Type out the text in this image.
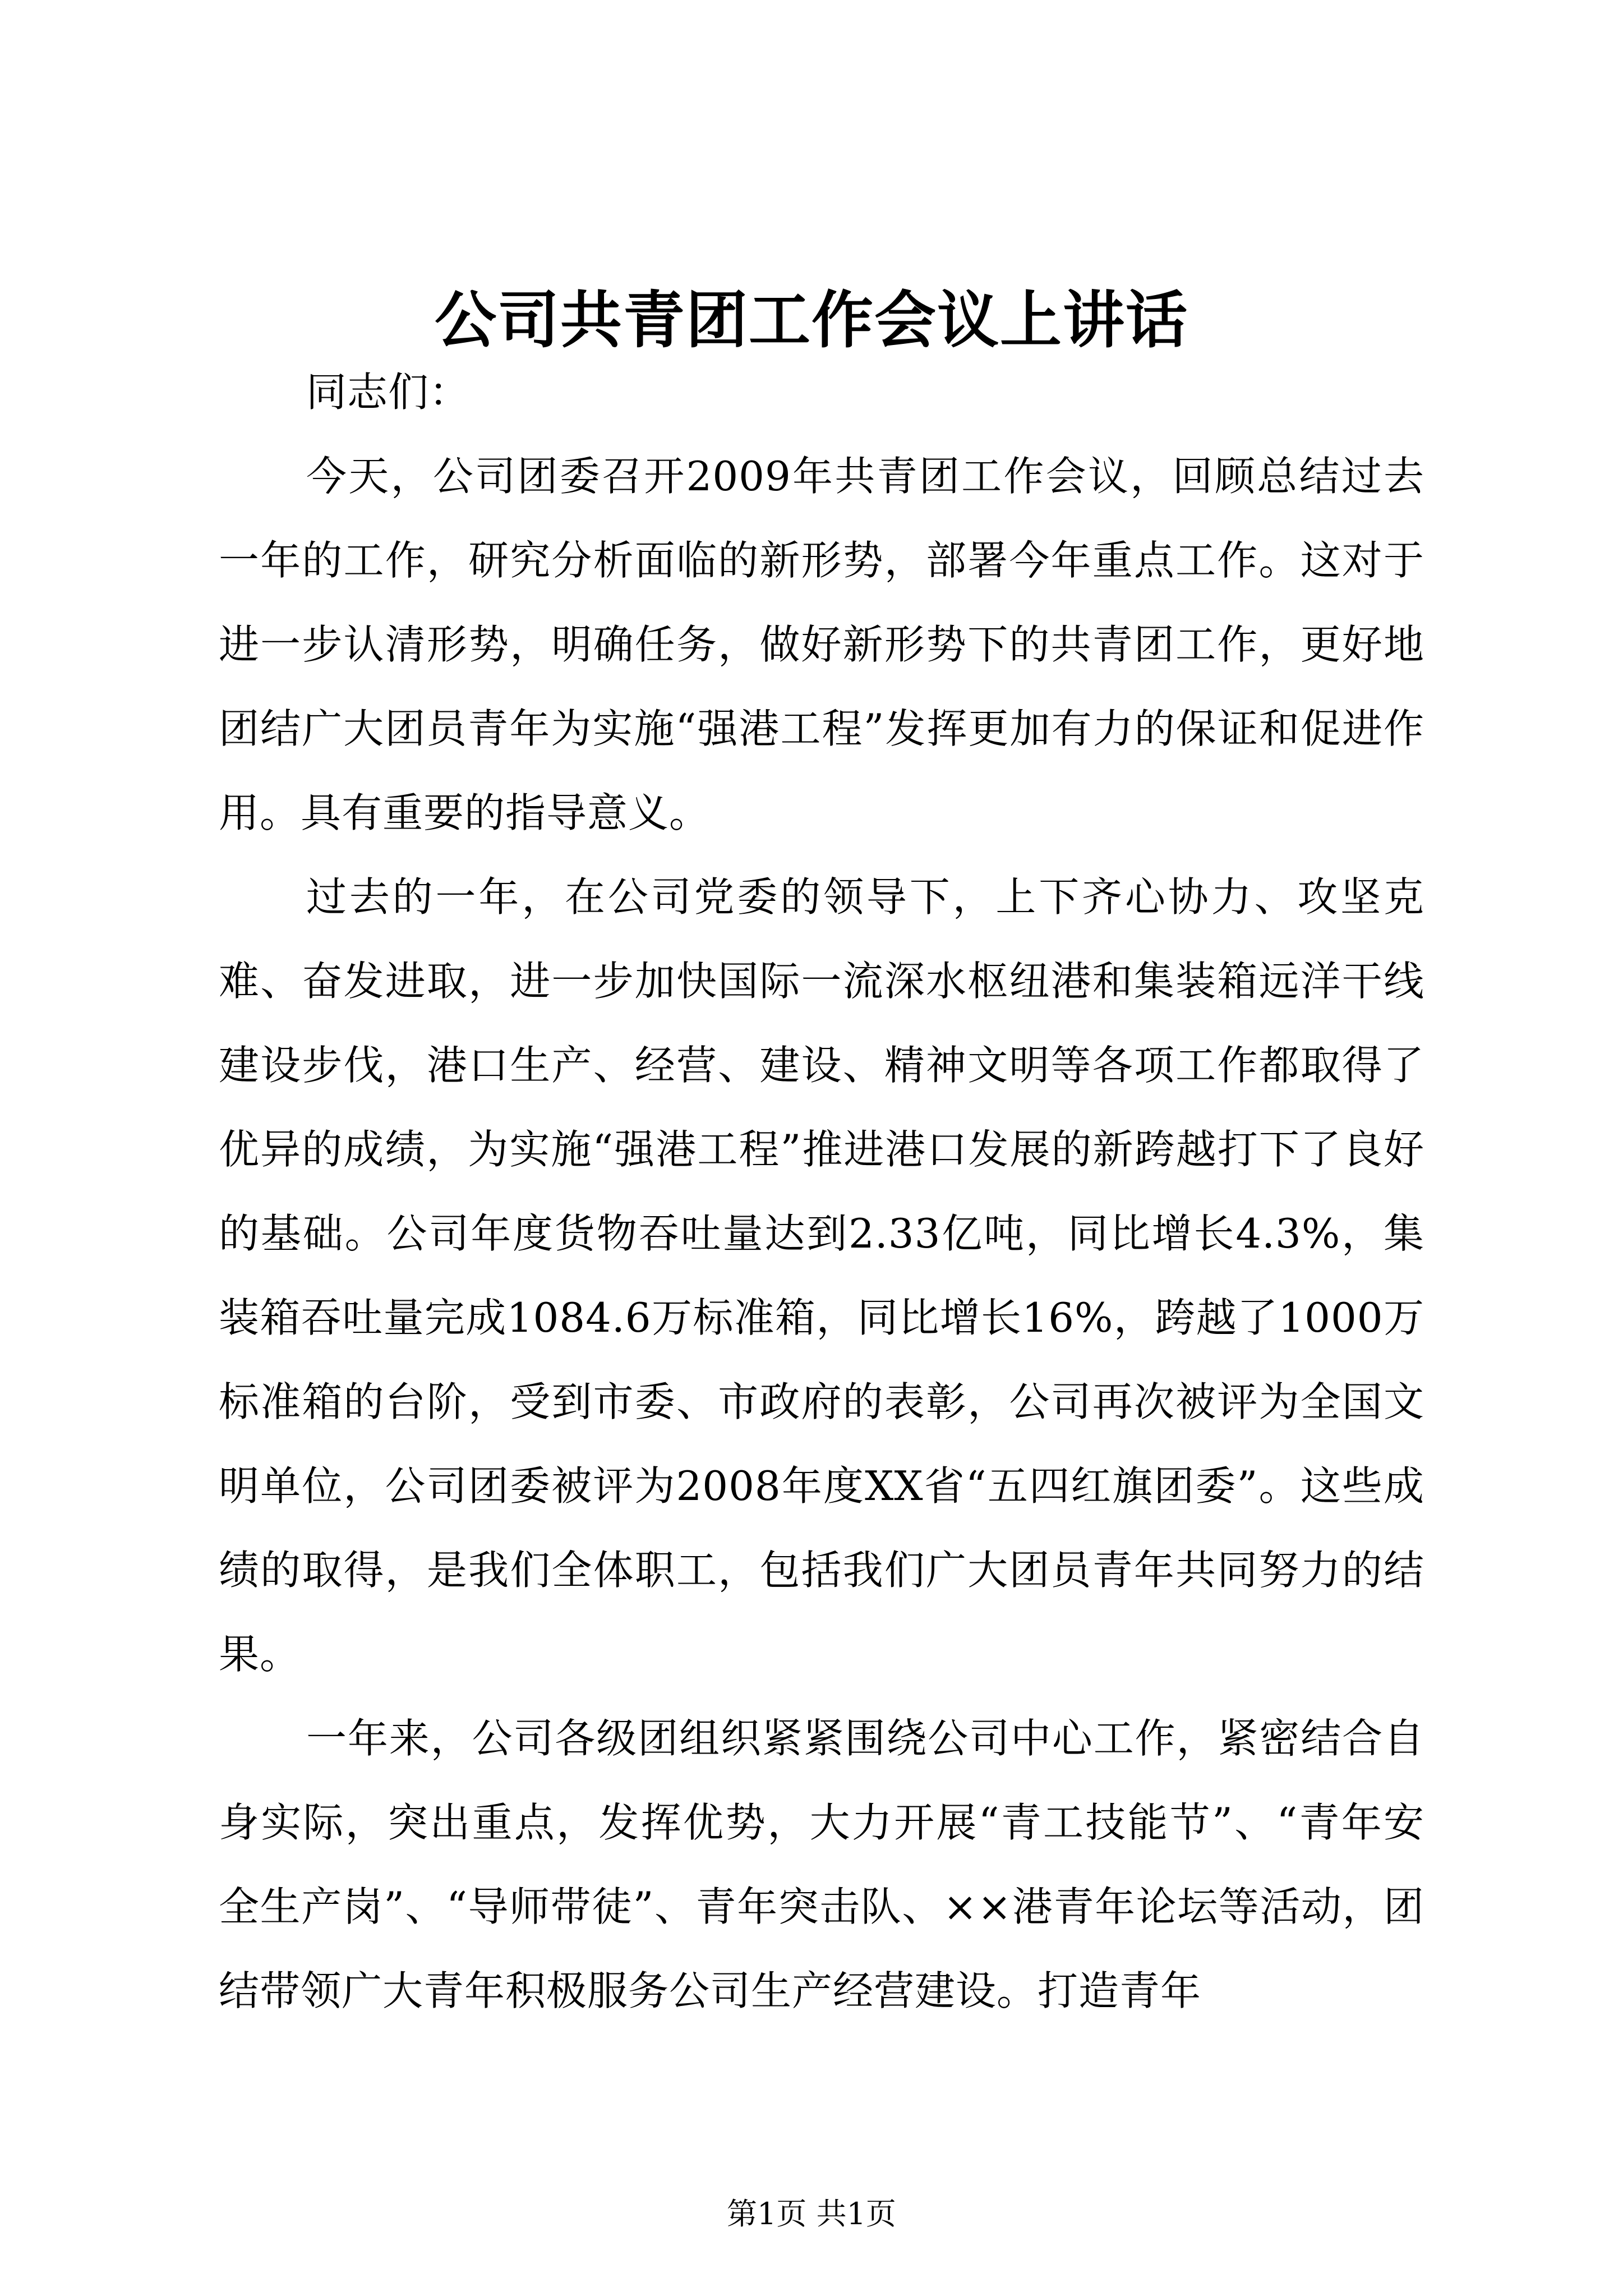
公司共青团工作会议上讲话

同志们：

今天，公司团委召开2009年共青团工作会议，回顾总结过去一年的工作，研究分析面临的新形势，部署今年重点工作。这对于进一步认清形势，明确任务，做好新形势下的共青团工作，更好地团结广大团员青年为实施“强港工程”发挥更加有力的保证和促进作用。具有重要的指导意义。

过去的一年，在公司党委的领导下，上下齐心协力、攻坚克难、奋发进取，进一步加快国际一流深水枢纽港和集装箱远洋干线建设步伐，港口生产、经营、建设、精神文明等各项工作都取得了优异的成绩，为实施“强港工程”推进港口发展的新跨越打下了良好的基础。公司年度货物吞吐量达到2.33亿吨，同比增长4.3%，集装箱吞吐量完成1084.6万标准箱，同比增长16%，跨越了1000万标准箱的台阶，受到市委、市政府的表彰，公司再次被评为全国文明单位，公司团委被评为2008年度XX省“五四红旗团委”。这些成绩的取得，是我们全体职工，包括我们广大团员青年共同努力的结果。

一年来，公司各级团组织紧紧围绕公司中心工作，紧密结合自身实际，突出重点，发挥优势，大力开展“青工技能节”、“青年安全生产岗”、“导师带徒”、青年突击队、××港青年论坛等活动，团结带领广大青年积极服务公司生产经营建设。打造青年

第1页 共1页
